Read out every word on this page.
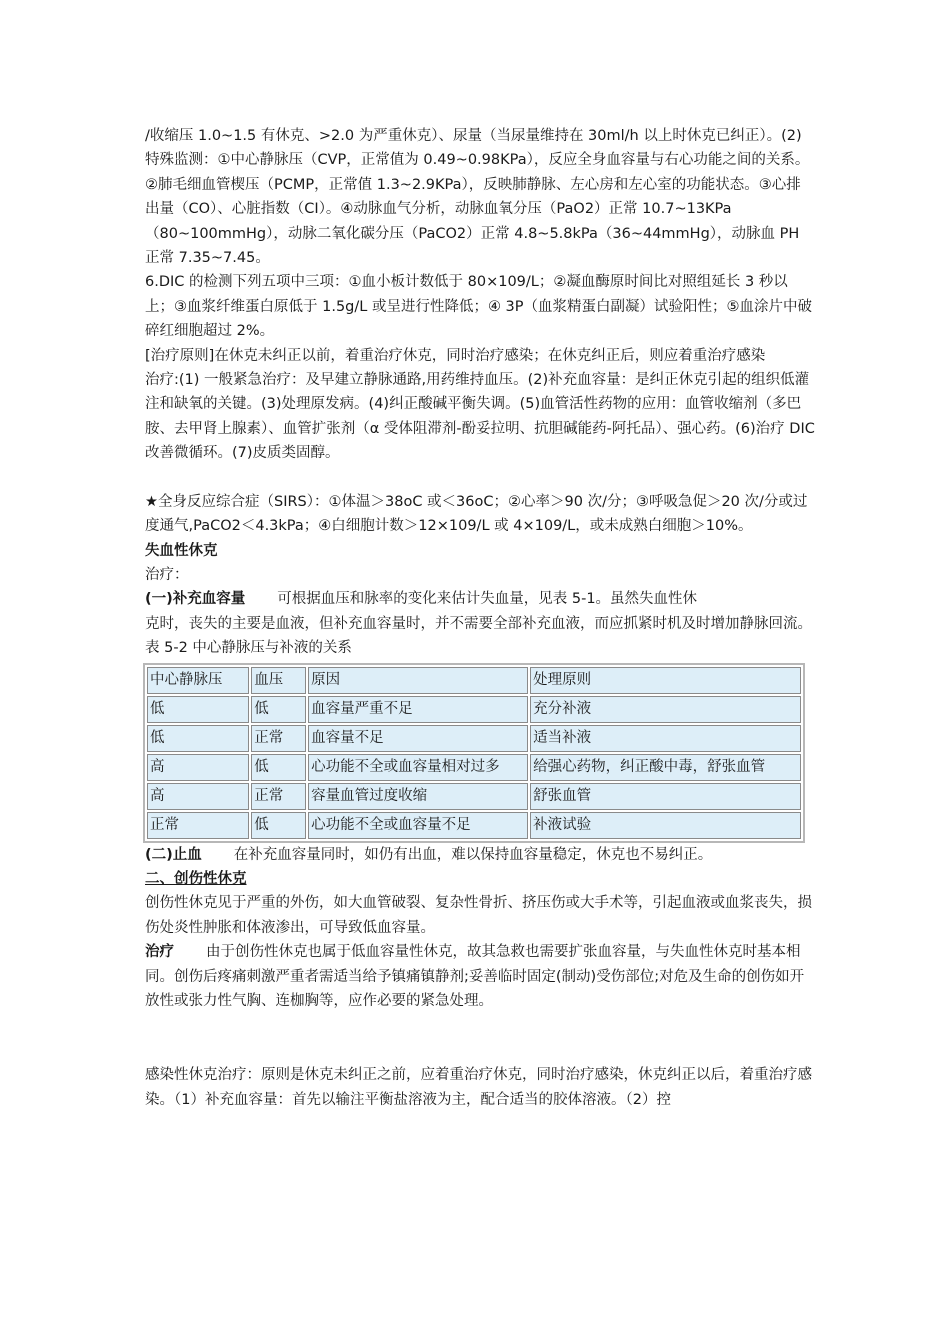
/收缩压 1.0~1.5 有休克、>2.0 为严重休克）、尿量（当尿量维持在 30ml/h 以上时休克已纠正）。(2)特殊监测：①中心静脉压（CVP，正常值为 0.49~0.98KPa），反应全身血容量与右心功能之间的关系。②肺毛细血管楔压（PCMP，正常值 1.3~2.9KPa），反映肺静脉、左心房和左心室的功能状态。③心排出量（CO）、心脏指数（CI）。④动脉血气分析，动脉血氧分压（PaO2）正常 10.7~13KPa（80~100mmHg），动脉二氧化碳分压（PaCO2）正常 4.8~5.8kPa（36~44mmHg），动脉血 PH 正常 7.35~7.45。

6.DIC 的检测下列五项中三项：①血小板计数低于 80×109/L；②凝血酶原时间比对照组延长 3 秒以上；③血浆纤维蛋白原低于 1.5g/L 或呈进行性降低；④ 3P（血浆精蛋白副凝）试验阳性；⑤血涂片中破碎红细胞超过 2%。

[治疗原则]在休克未纠正以前，着重治疗休克，同时治疗感染；在休克纠正后，则应着重治疗感染

治疗:(1) 一般紧急治疗：及早建立静脉通路,用药维持血压。(2)补充血容量：是纠正休克引起的组织低灌注和缺氧的关键。(3)处理原发病。(4)纠正酸碱平衡失调。(5)血管活性药物的应用：血管收缩剂（多巴胺、去甲肾上腺素）、血管扩张剂（α 受体阻滞剂-酚妥拉明、抗胆碱能药-阿托品）、强心药。(6)治疗 DIC 改善微循环。(7)皮质类固醇。

★全身反应综合症（SIRS）：①体温＞38oC 或＜36oC；②心率＞90 次/分；③呼吸急促＞20 次/分或过度通气,PaCO2＜4.3kPa；④白细胞计数＞12×109/L 或 4×109/L，或未成熟白细胞＞10%。

失血性休克

治疗：

(一)补充血容量 可根据血压和脉率的变化来估计失血量，见表 5-1。虽然失血性休

克时，丧失的主要是血液，但补充血容量时，并不需要全部补充血液，而应抓紧时机及时增加静脉回流。

表 5-2 中心静脉压与补液的关系

中心静脉压	血压	原因	处理原则
低	低	血容量严重不足	充分补液
低	正常	血容量不足	适当补液
高	低	心功能不全或血容量相对过多	给强心药物，纠正酸中毒，舒张血管
高	正常	容量血管过度收缩	舒张血管
正常	低	心功能不全或血容量不足	补液试验

(二)止血 在补充血容量同时，如仍有出血，难以保持血容量稳定，休克也不易纠正。

二、创伤性休克

创伤性休克见于严重的外伤，如大血管破裂、复杂性骨折、挤压伤或大手术等，引起血液或血浆丧失，损伤处炎性肿胀和体液渗出，可导致低血容量。

治疗 由于创伤性休克也属于低血容量性休克，故其急救也需要扩张血容量，与失血性休克时基本相同。创伤后疼痛刺激严重者需适当给予镇痛镇静剂;妥善临时固定(制动)受伤部位;对危及生命的创伤如开放性或张力性气胸、连枷胸等，应作必要的紧急处理。

感染性休克治疗：原则是休克未纠正之前，应着重治疗休克，同时治疗感染，休克纠正以后，着重治疗感染。（1）补充血容量：首先以输注平衡盐溶液为主，配合适当的胶体溶液。（2）控
